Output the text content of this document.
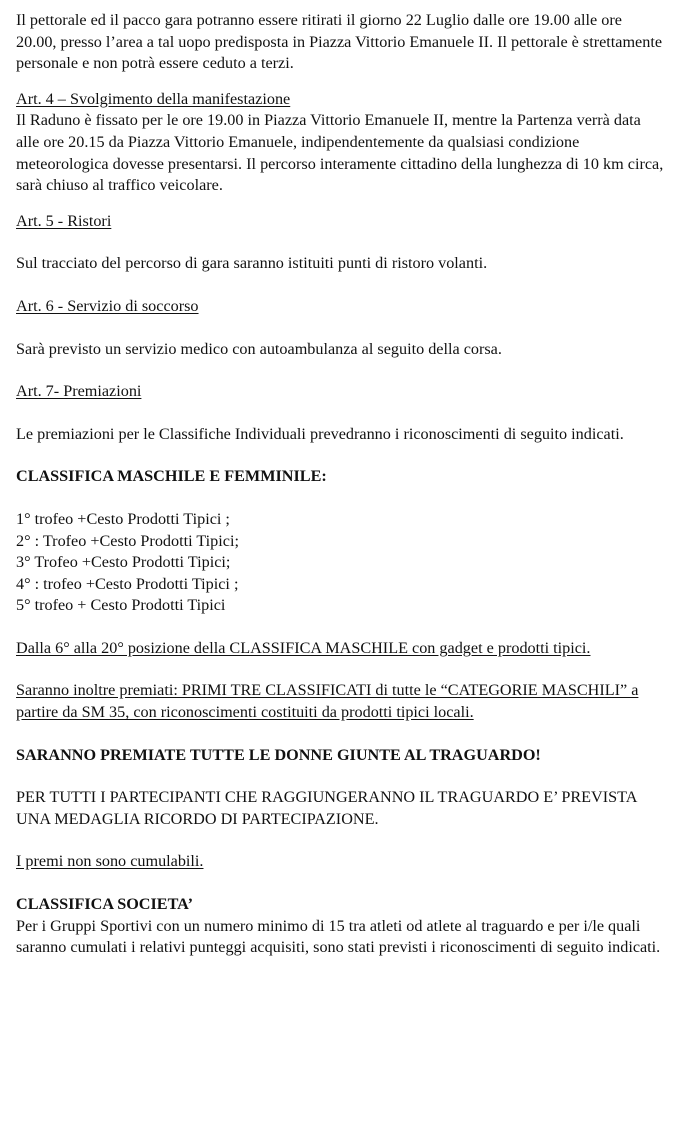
Il pettorale ed il pacco gara potranno essere ritirati il giorno 22 Luglio dalle ore 19.00 alle ore 20.00, presso l’area a tal uopo predisposta in Piazza Vittorio Emanuele II. Il pettorale è strettamente personale e non potrà essere ceduto a terzi.

Art. 4 – Svolgimento della manifestazione

Il Raduno è fissato per le ore 19.00 in Piazza Vittorio Emanuele II, mentre la Partenza verrà data alle ore 20.15 da Piazza Vittorio Emanuele, indipendentemente da qualsiasi condizione meteorologica dovesse presentarsi. Il percorso interamente cittadino della lunghezza di 10 km circa, sarà chiuso al traffico veicolare.

Art. 5 - Ristori

Sul tracciato del percorso di gara saranno istituiti punti di ristoro volanti.

Art. 6 - Servizio di soccorso

Sarà previsto un servizio medico con autoambulanza al seguito della corsa.

Art. 7- Premiazioni

Le premiazioni per le Classifiche Individuali prevedranno i riconoscimenti di seguito indicati.

CLASSIFICA MASCHILE E FEMMINILE:

1° trofeo +Cesto Prodotti Tipici ;

2° : Trofeo +Cesto Prodotti Tipici;

3° Trofeo +Cesto Prodotti Tipici;

4° : trofeo +Cesto Prodotti Tipici ;

5° trofeo + Cesto Prodotti Tipici

Dalla 6° alla 20° posizione della CLASSIFICA MASCHILE con gadget e prodotti tipici.

Saranno inoltre premiati: PRIMI TRE CLASSIFICATI di tutte le “CATEGORIE MASCHILI” a partire da SM 35, con riconoscimenti costituiti da prodotti tipici locali.

SARANNO PREMIATE TUTTE LE DONNE GIUNTE AL TRAGUARDO!

PER TUTTI I PARTECIPANTI CHE RAGGIUNGERANNO IL TRAGUARDO E’ PREVISTA UNA MEDAGLIA RICORDO DI PARTECIPAZIONE.

I premi non sono cumulabili.

CLASSIFICA SOCIETA’

Per i Gruppi Sportivi con un numero minimo di 15 tra atleti od atlete al traguardo e per i/le quali saranno cumulati i relativi punteggi acquisiti, sono stati previsti i riconoscimenti di seguito indicati.
